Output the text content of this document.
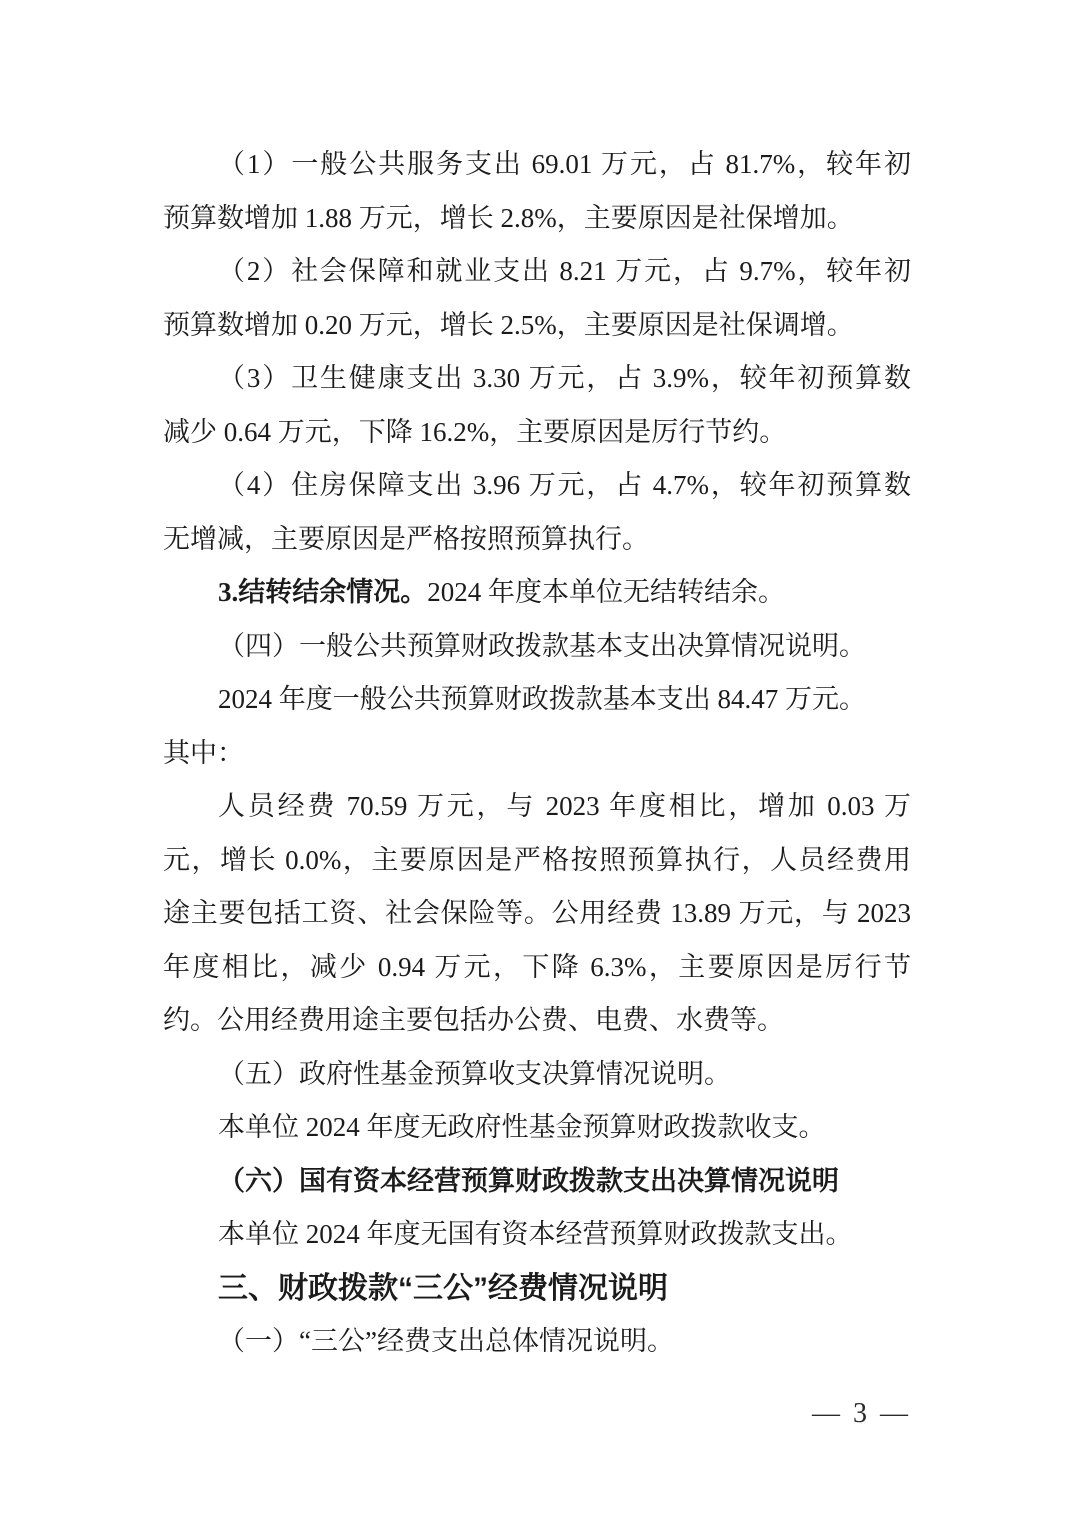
（1）一般公共服务支出 69.01 万元，占 81.7%，较年初
预算数增加 1.88 万元，增长 2.8%，主要原因是社保增加。
（2）社会保障和就业支出 8.21 万元，占 9.7%，较年初
预算数增加 0.20 万元，增长 2.5%，主要原因是社保调增。
（3）卫生健康支出 3.30 万元，占 3.9%，较年初预算数
减少 0.64 万元，下降 16.2%，主要原因是厉行节约。
（4）住房保障支出 3.96 万元，占 4.7%，较年初预算数
无增减，主要原因是严格按照预算执行。
3.结转结余情况。2024 年度本单位无结转结余。
（四）一般公共预算财政拨款基本支出决算情况说明。
2024 年度一般公共预算财政拨款基本支出 84.47 万元。
其中：
人员经费 70.59 万元，与 2023 年度相比，增加 0.03 万
元，增长 0.0%，主要原因是严格按照预算执行，人员经费用
途主要包括工资、社会保险等。公用经费 13.89 万元，与 2023
年度相比，减少 0.94 万元，下降 6.3%，主要原因是厉行节
约。公用经费用途主要包括办公费、电费、水费等。
（五）政府性基金预算收支决算情况说明。
本单位 2024 年度无政府性基金预算财政拨款收支。
（六）国有资本经营预算财政拨款支出决算情况说明
本单位 2024 年度无国有资本经营预算财政拨款支出。
三、财政拨款“三公”经费情况说明
（一）“三公”经费支出总体情况说明。
— 3 —
